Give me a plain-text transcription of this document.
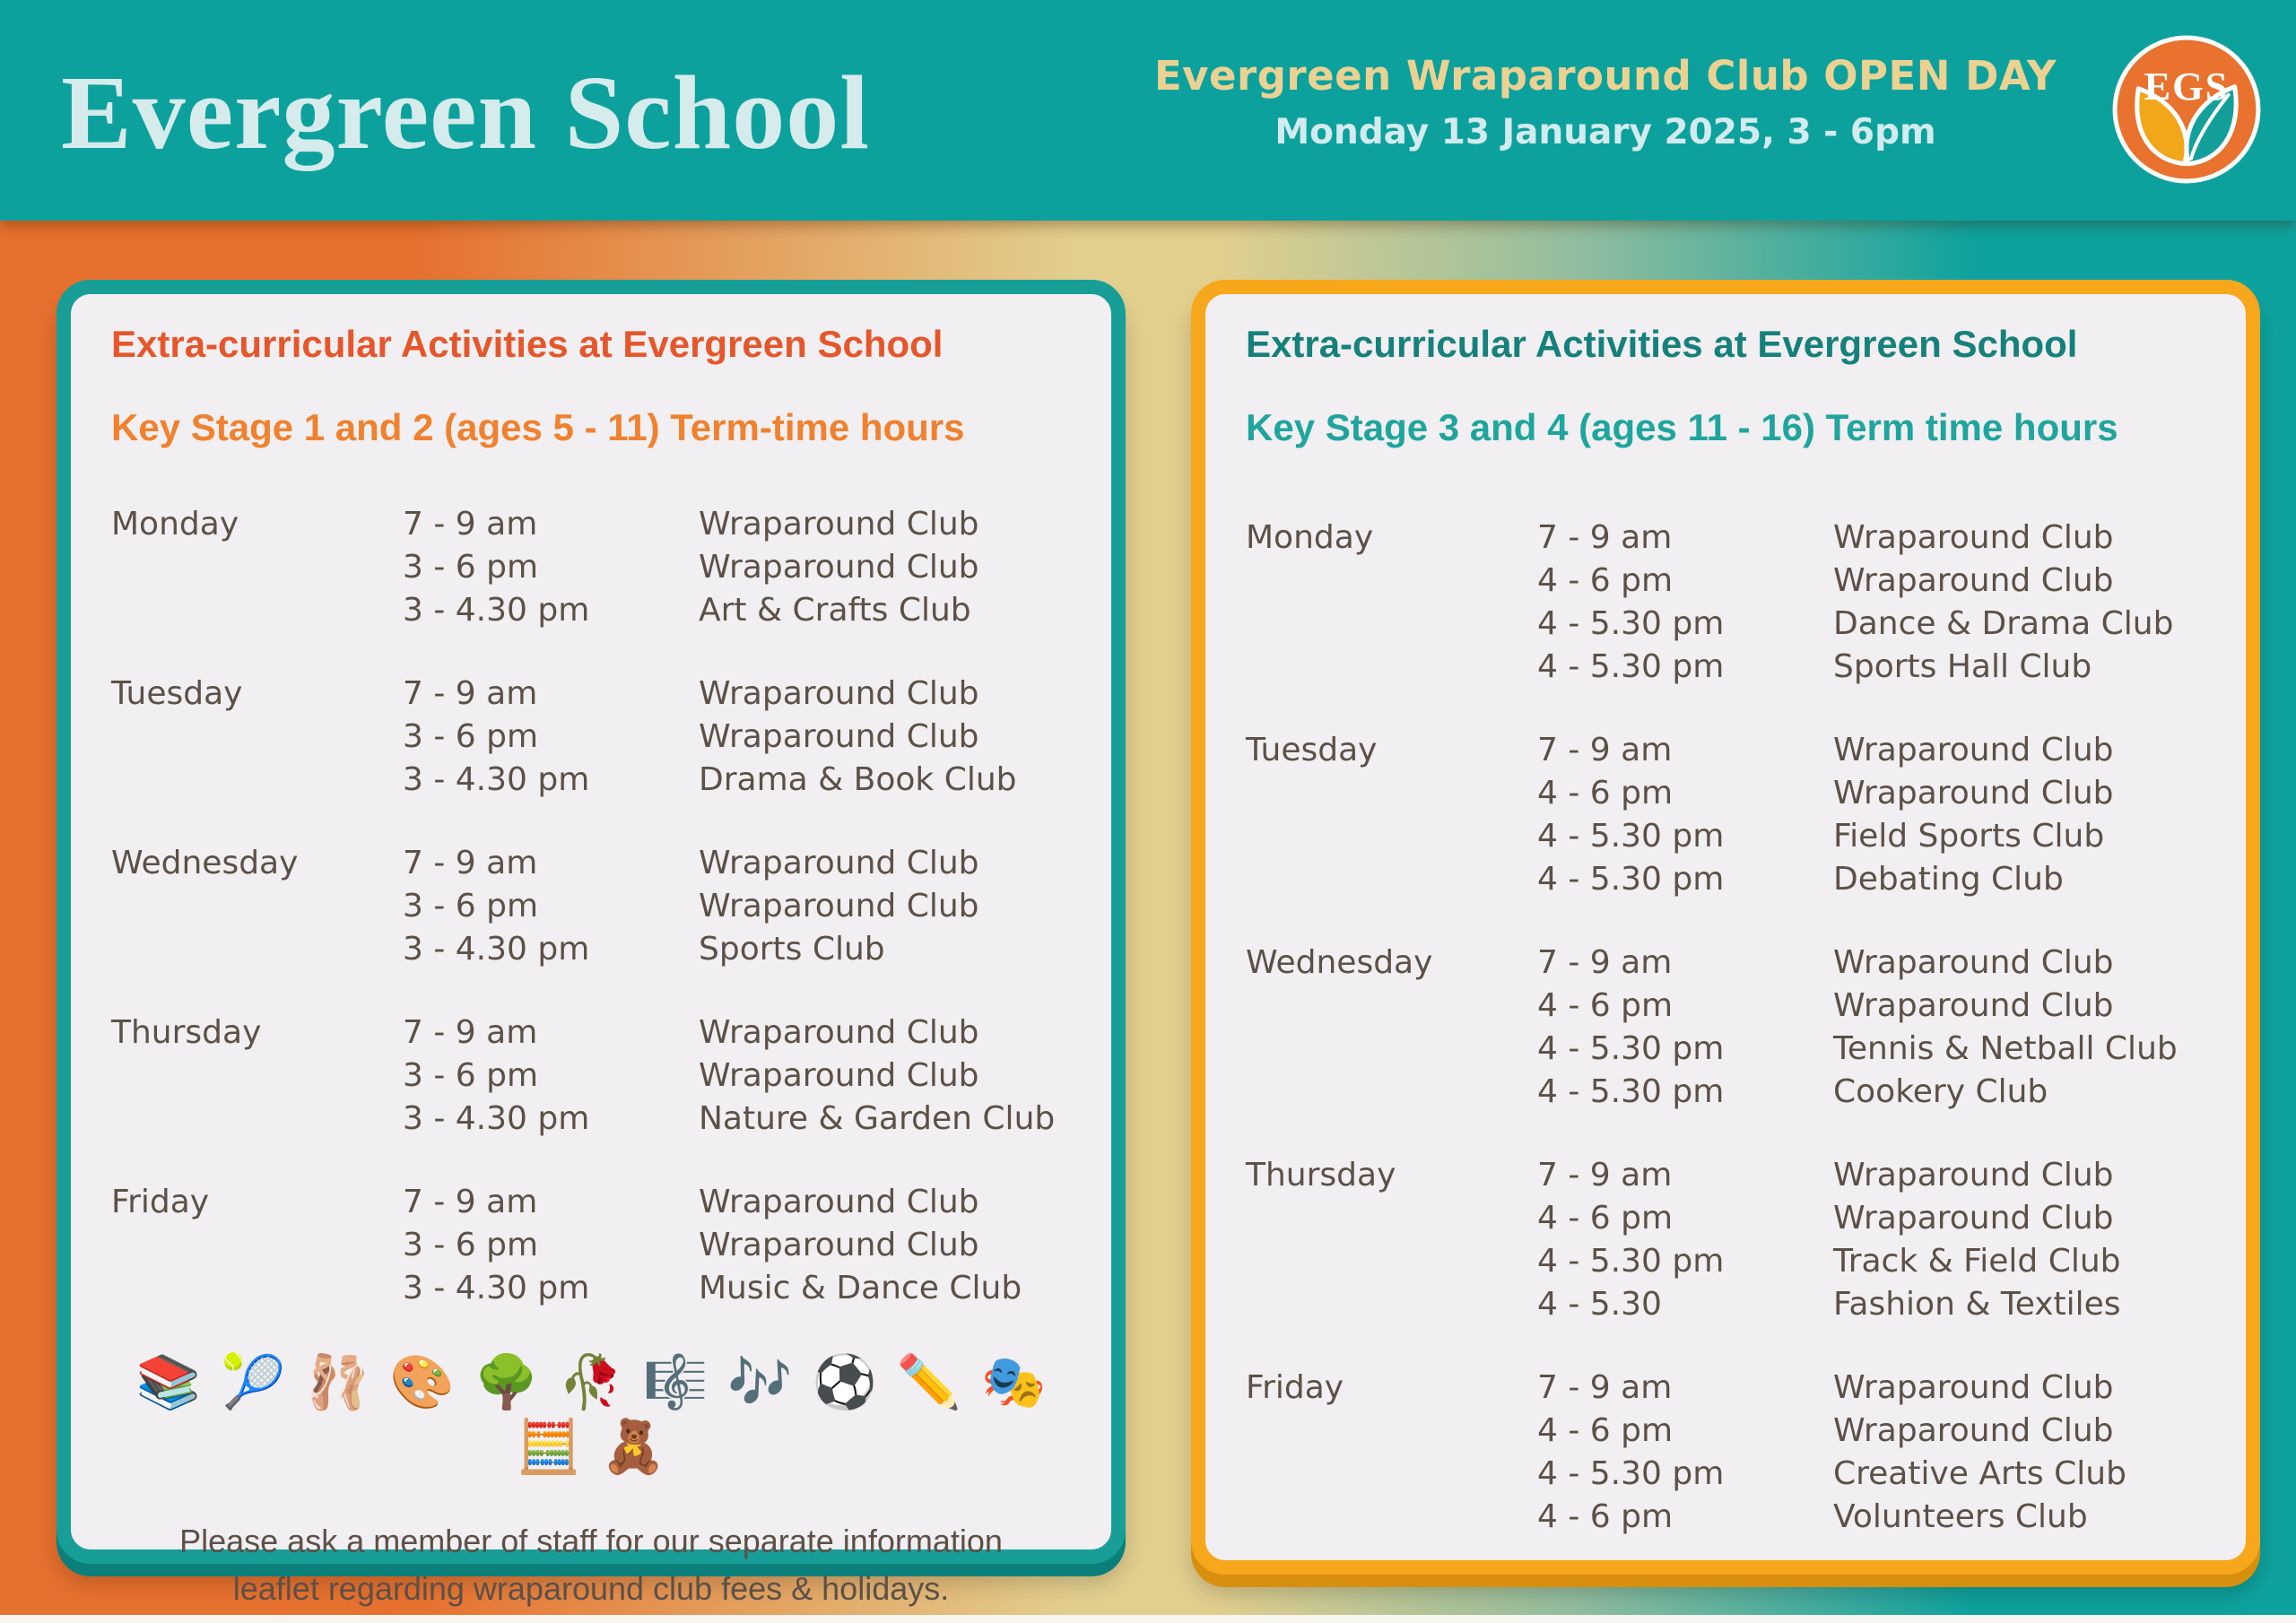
Evergreen School	Evergreen Wraparound Club OPEN DAY
Monday 13 January 2025, 3 - 6pm
EGS
Extra-curricular Activities at Evergreen School
Key Stage 1 and 2 (ages 5 - 11) Term-time hours
Monday	7 - 9 am	Wraparound Club
3 - 6 pm	Wraparound Club
3 - 4.30 pm	Art & Crafts Club
Tuesday	7 - 9 am	Wraparound Club
3 - 6 pm	Wraparound Club
3 - 4.30 pm	Drama & Book Club
Wednesday	7 - 9 am	Wraparound Club
3 - 6 pm	Wraparound Club
3 - 4.30 pm	Sports Club
Thursday	7 - 9 am	Wraparound Club
3 - 6 pm	Wraparound Club
3 - 4.30 pm	Nature & Garden Club
Friday	7 - 9 am	Wraparound Club
3 - 6 pm	Wraparound Club
3 - 4.30 pm	Music & Dance Club
📚 🎾 🩰 🎨 🌳 🥀 🎼 🎶 ⚽ ✏️ 🎭🧮 🧸

Please ask a member of staff for our separate information leaflet regarding wraparound club fees & holidays.

Extra-curricular Activities at Evergreen School
Key Stage 3 and 4 (ages 11 - 16) Term time hours
Monday	7 - 9 am	Wraparound Club
4 - 6 pm	Wraparound Club
4 - 5.30 pm	Dance & Drama Club
4 - 5.30 pm	Sports Hall Club
Tuesday	7 - 9 am	Wraparound Club
4 - 6 pm	Wraparound Club
4 - 5.30 pm	Field Sports Club
4 - 5.30 pm	Debating Club
Wednesday	7 - 9 am	Wraparound Club
4 - 6 pm	Wraparound Club
4 - 5.30 pm	Tennis & Netball Club
4 - 5.30 pm	Cookery Club
Thursday	7 - 9 am	Wraparound Club
4 - 6 pm	Wraparound Club
4 - 5.30 pm	Track & Field Club
4 - 5.30	Fashion & Textiles
Friday	7 - 9 am	Wraparound Club
4 - 6 pm	Wraparound Club
4 - 5.30 pm	Creative Arts Club
4 - 6 pm	Volunteers Club
